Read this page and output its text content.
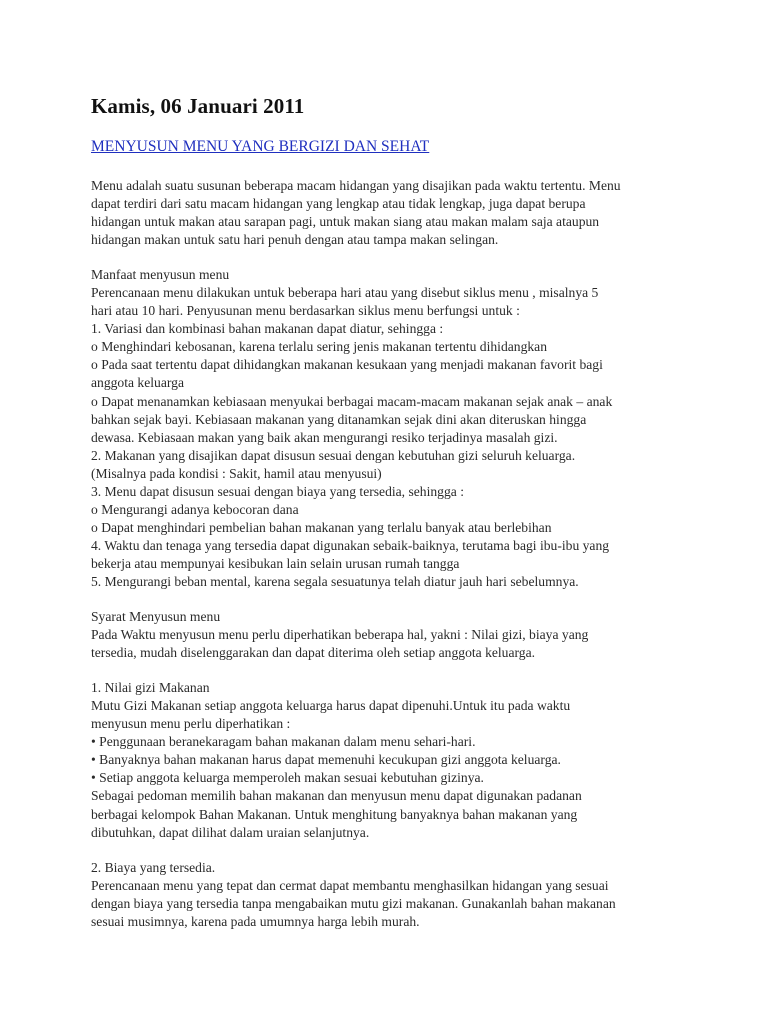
Kamis, 06 Januari 2011
MENYUSUN MENU YANG BERGIZI DAN SEHAT

Menu adalah suatu susunan beberapa macam hidangan yang disajikan pada waktu tertentu. Menu

dapat terdiri dari satu macam hidangan yang lengkap atau tidak lengkap, juga dapat berupa

hidangan untuk makan atau sarapan pagi, untuk makan siang atau makan malam saja ataupun

hidangan makan untuk satu hari penuh dengan atau tampa makan selingan.

Manfaat menyusun menu

Perencanaan menu dilakukan untuk beberapa hari atau yang disebut siklus menu , misalnya 5

hari atau 10 hari. Penyusunan menu berdasarkan siklus menu berfungsi untuk :

1. Variasi dan kombinasi bahan makanan dapat diatur, sehingga :

o Menghindari kebosanan, karena terlalu sering jenis makanan tertentu dihidangkan

o Pada saat tertentu dapat dihidangkan makanan kesukaan yang menjadi makanan favorit bagi

anggota keluarga

o Dapat menanamkan kebiasaan menyukai berbagai macam-macam makanan sejak anak – anak

bahkan sejak bayi. Kebiasaan makanan yang ditanamkan sejak dini akan diteruskan hingga

dewasa. Kebiasaan makan yang baik akan mengurangi resiko terjadinya masalah gizi.

2. Makanan yang disajikan dapat disusun sesuai dengan kebutuhan gizi seluruh keluarga.

(Misalnya pada kondisi : Sakit, hamil atau menyusui)

3. Menu dapat disusun sesuai dengan biaya yang tersedia, sehingga :

o Mengurangi adanya kebocoran dana

o Dapat menghindari pembelian bahan makanan yang terlalu banyak atau berlebihan

4. Waktu dan tenaga yang tersedia dapat digunakan sebaik-baiknya, terutama bagi ibu-ibu yang

bekerja atau mempunyai kesibukan lain selain urusan rumah tangga

5. Mengurangi beban mental, karena segala sesuatunya telah diatur jauh hari sebelumnya.

Syarat Menyusun menu

Pada Waktu menyusun menu perlu diperhatikan beberapa hal, yakni : Nilai gizi, biaya yang

tersedia, mudah diselenggarakan dan dapat diterima oleh setiap anggota keluarga.

1. Nilai gizi Makanan

Mutu Gizi Makanan setiap anggota keluarga harus dapat dipenuhi.Untuk itu pada waktu

menyusun menu perlu diperhatikan :

• Penggunaan beranekaragam bahan makanan dalam menu sehari-hari.

• Banyaknya bahan makanan harus dapat memenuhi kecukupan gizi anggota keluarga.

• Setiap anggota keluarga memperoleh makan sesuai kebutuhan gizinya.

Sebagai pedoman memilih bahan makanan dan menyusun menu dapat digunakan padanan

berbagai kelompok Bahan Makanan. Untuk menghitung banyaknya bahan makanan yang

dibutuhkan, dapat dilihat dalam uraian selanjutnya.

2. Biaya yang tersedia.

Perencanaan menu yang tepat dan cermat dapat membantu menghasilkan hidangan yang sesuai

dengan biaya yang tersedia tanpa mengabaikan mutu gizi makanan. Gunakanlah bahan makanan

sesuai musimnya, karena pada umumnya harga lebih murah.
